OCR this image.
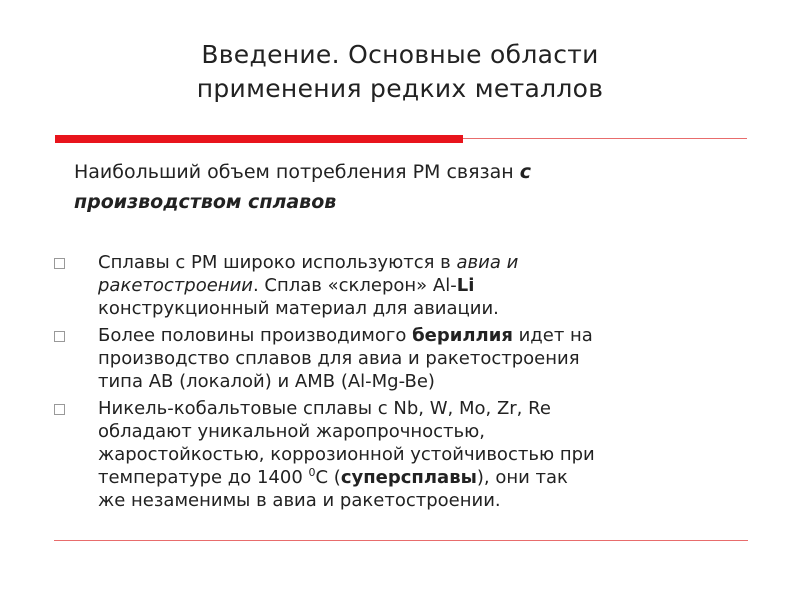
Введение. Основные области
применения редких металлов
Наибольший объем потребления РМ связан с
производством сплавов
Сплавы с РМ широко используются в авиа и
ракетостроении. Сплав «склерон» Al-Li
конструкционный материал для авиации.
Более половины производимого бериллия идет на
производство сплавов для авиа и ракетостроения
типа АВ (локалой) и АМВ (Al-Mg-Be)
Никель-кобальтовые сплавы с Nb, W, Mo, Zr, Re
обладают уникальной жаропрочностью,
жаростойкостью, коррозионной устойчивостью при
температуре до 1400 $^0$С (суперсплавы), они так
же незаменимы в авиа и ракетостроении.
